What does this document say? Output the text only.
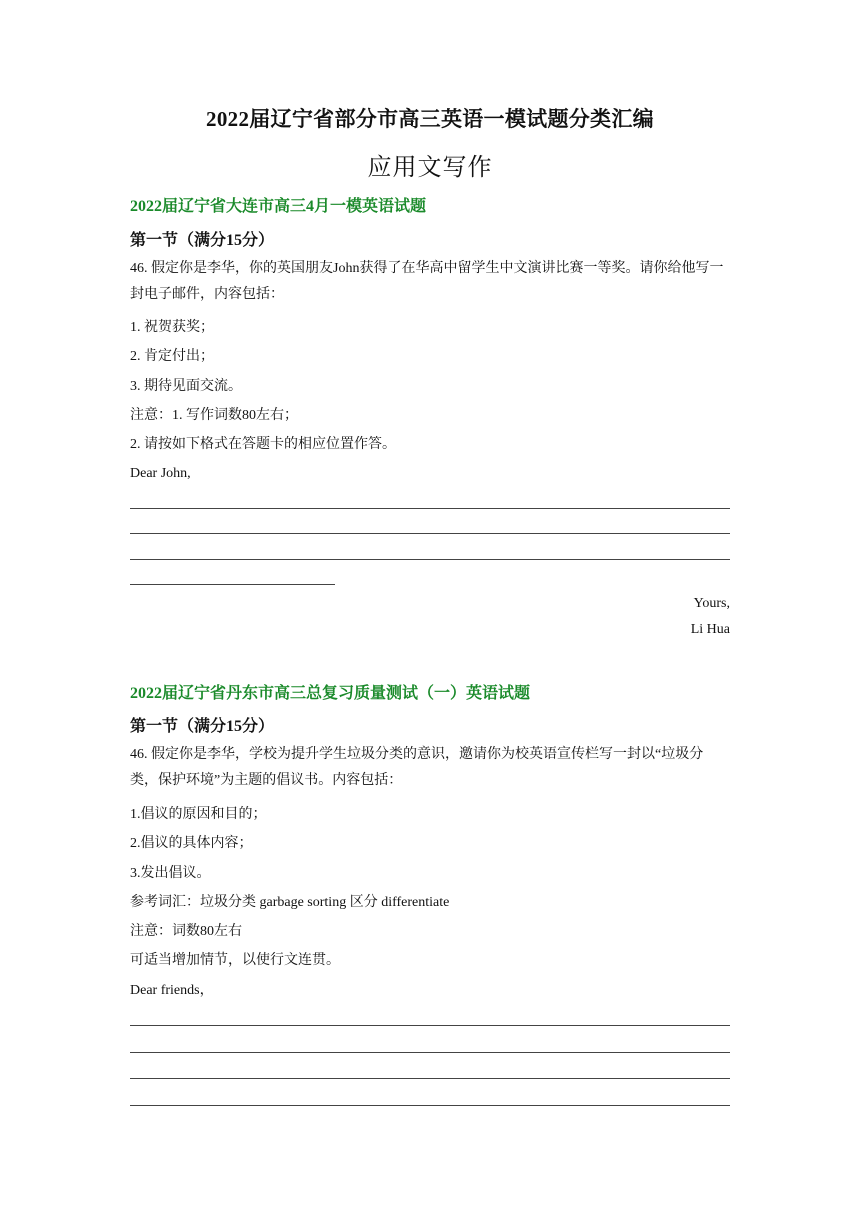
2022届辽宁省部分市高三英语一模试题分类汇编
应用文写作
2022届辽宁省大连市高三4月一模英语试题
第一节（满分15分）
46. 假定你是李华，你的英国朋友John获得了在华高中留学生中文演讲比赛一等奖。请你给他写一封电子邮件，内容包括：
1. 祝贺获奖；
2. 肯定付出；
3. 期待见面交流。
注意：1. 写作词数80左右；
2. 请按如下格式在答题卡的相应位置作答。
Dear John,
Yours,
Li Hua
2022届辽宁省丹东市高三总复习质量测试（一）英语试题
第一节（满分15分）
46. 假定你是李华，学校为提升学生垃圾分类的意识，邀请你为校英语宣传栏写一封以“垃圾分类，保护环境”为主题的倡议书。内容包括：
1.倡议的原因和目的；
2.倡议的具体内容；
3.发出倡议。
参考词汇：垃圾分类 garbage sorting 区分 differentiate
注意：词数80左右
可适当增加情节，以使行文连贯。
Dear friends，
